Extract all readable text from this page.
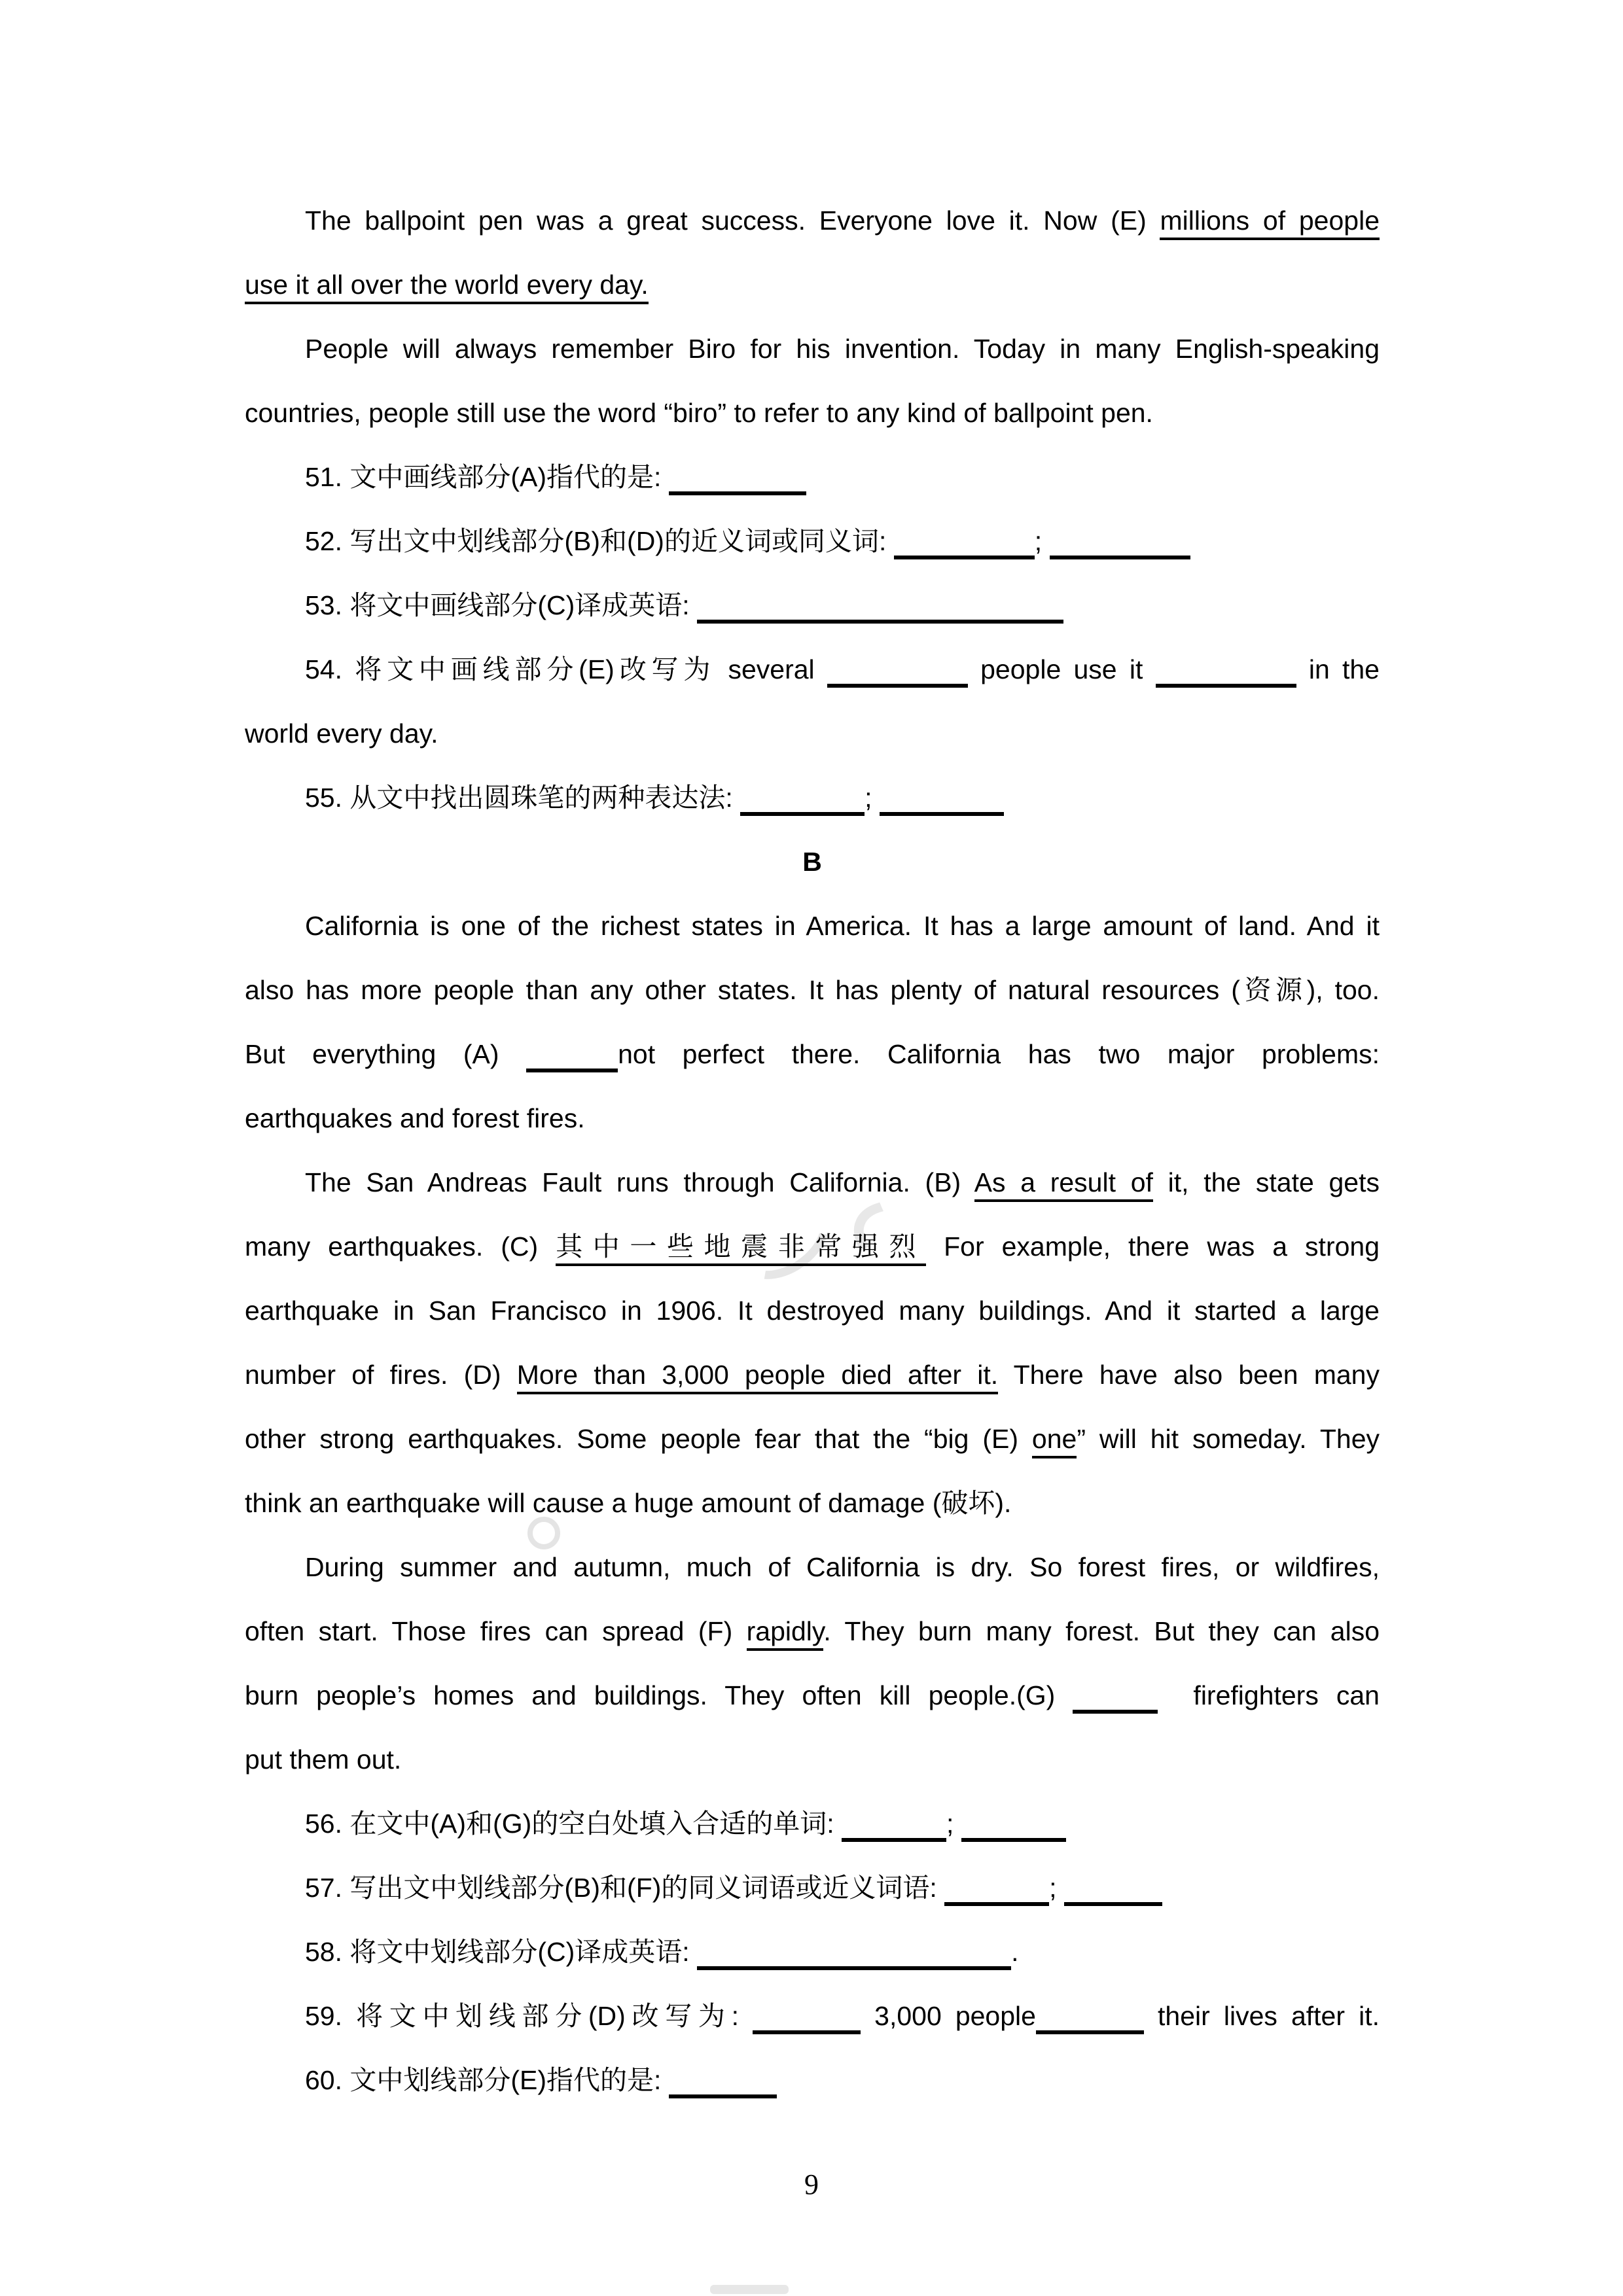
The ballpoint pen was a great success. Everyone love it. Now (E) millions of people
use it all over the world every day.
People will always remember Biro for his invention. Today in many English-speaking
countries, people still use the word “biro” to refer to any kind of ballpoint pen.
51. 文中画线部分(A)指代的是:
52. 写出文中划线部分(B)和(D)的近义词或同义词:	;
53. 将文中画线部分(C)译成英语:
54. 将文中画线部分(E)改写为 several	people use it	in the
world every day.
55. 从文中找出圆珠笔的两种表达法:	;
B
California is one of the richest states in America. It has a large amount of land. And it
also has more people than any other states. It has plenty of natural resources (资源), too.
But everything (A)	not perfect there. California has two major problems:
earthquakes and forest fires.
The San Andreas Fault runs through California. (B) As a result of it, the state gets
many earthquakes. (C) 其中一些地震非常强烈 For example, there was a strong
earthquake in San Francisco in 1906. It destroyed many buildings. And it started a large
number of fires. (D) More than 3,000 people died after it. There have also been many
other strong earthquakes. Some people fear that the “big (E) one” will hit someday. They
think an earthquake will cause a huge amount of damage (破坏).
During summer and autumn, much of California is dry. So forest fires, or wildfires,
often start. Those fires can spread (F) rapidly. They burn many forest. But they can also
burn people’s homes and buildings. They often kill people.(G)	firefighters can
put them out.
56. 在文中(A)和(G)的空白处填入合适的单词:	;
57. 写出文中划线部分(B)和(F)的同义词语或近义词语:	;
58. 将文中划线部分(C)译成英语:	.
59. 将文中划线部分(D)改写为:	3,000 people	their lives after it.
60. 文中划线部分(E)指代的是:
9
